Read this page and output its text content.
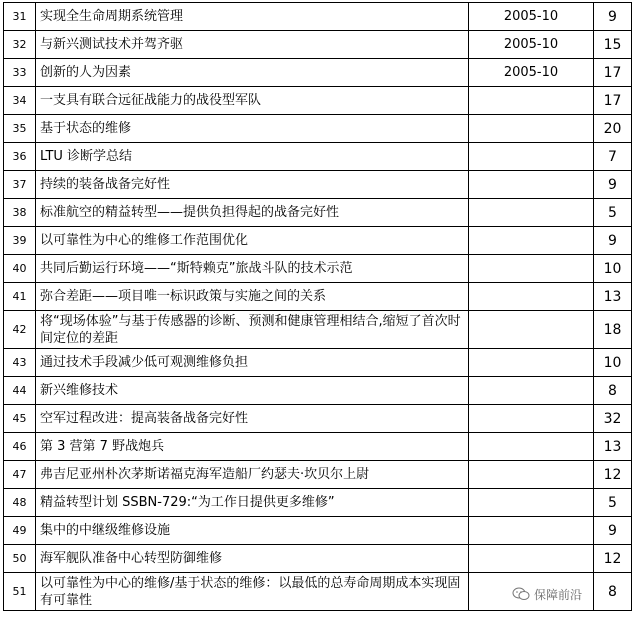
31	实现全生命周期系统管理	2005-10	9
32	与新兴测试技术并驾齐驱	2005-10	15
33	创新的人为因素	2005-10	17
34	一支具有联合远征战能力的战役型军队		17
35	基于状态的维修		20
36	LTU 诊断学总结		7
37	持续的装备战备完好性		9
38	标准航空的精益转型——提供负担得起的战备完好性		5
39	以可靠性为中心的维修工作范围优化		9
40	共同后勤运行环境——“斯特赖克”旅战斗队的技术示范		10
41	弥合差距——项目唯一标识政策与实施之间的关系		13
42	将“现场体验”与基于传感器的诊断、预测和健康管理相结合,缩短了首次时间定位的差距		18
43	通过技术手段减少低可观测维修负担		10
44	新兴维修技术		8
45	空军过程改进：提高装备战备完好性		32
46	第 3 营第 7 野战炮兵		13
47	弗吉尼亚州朴次茅斯诺福克海军造船厂约瑟夫·坎贝尔上尉		12
48	精益转型计划 SSBN-729:“为工作日提供更多维修”		5
49	集中的中继级维修设施		9
50	海军舰队准备中心转型防御维修		12
51	以可靠性为中心的维修/基于状态的维修：以最低的总寿命周期成本实现固有可靠性		8
保障前沿
